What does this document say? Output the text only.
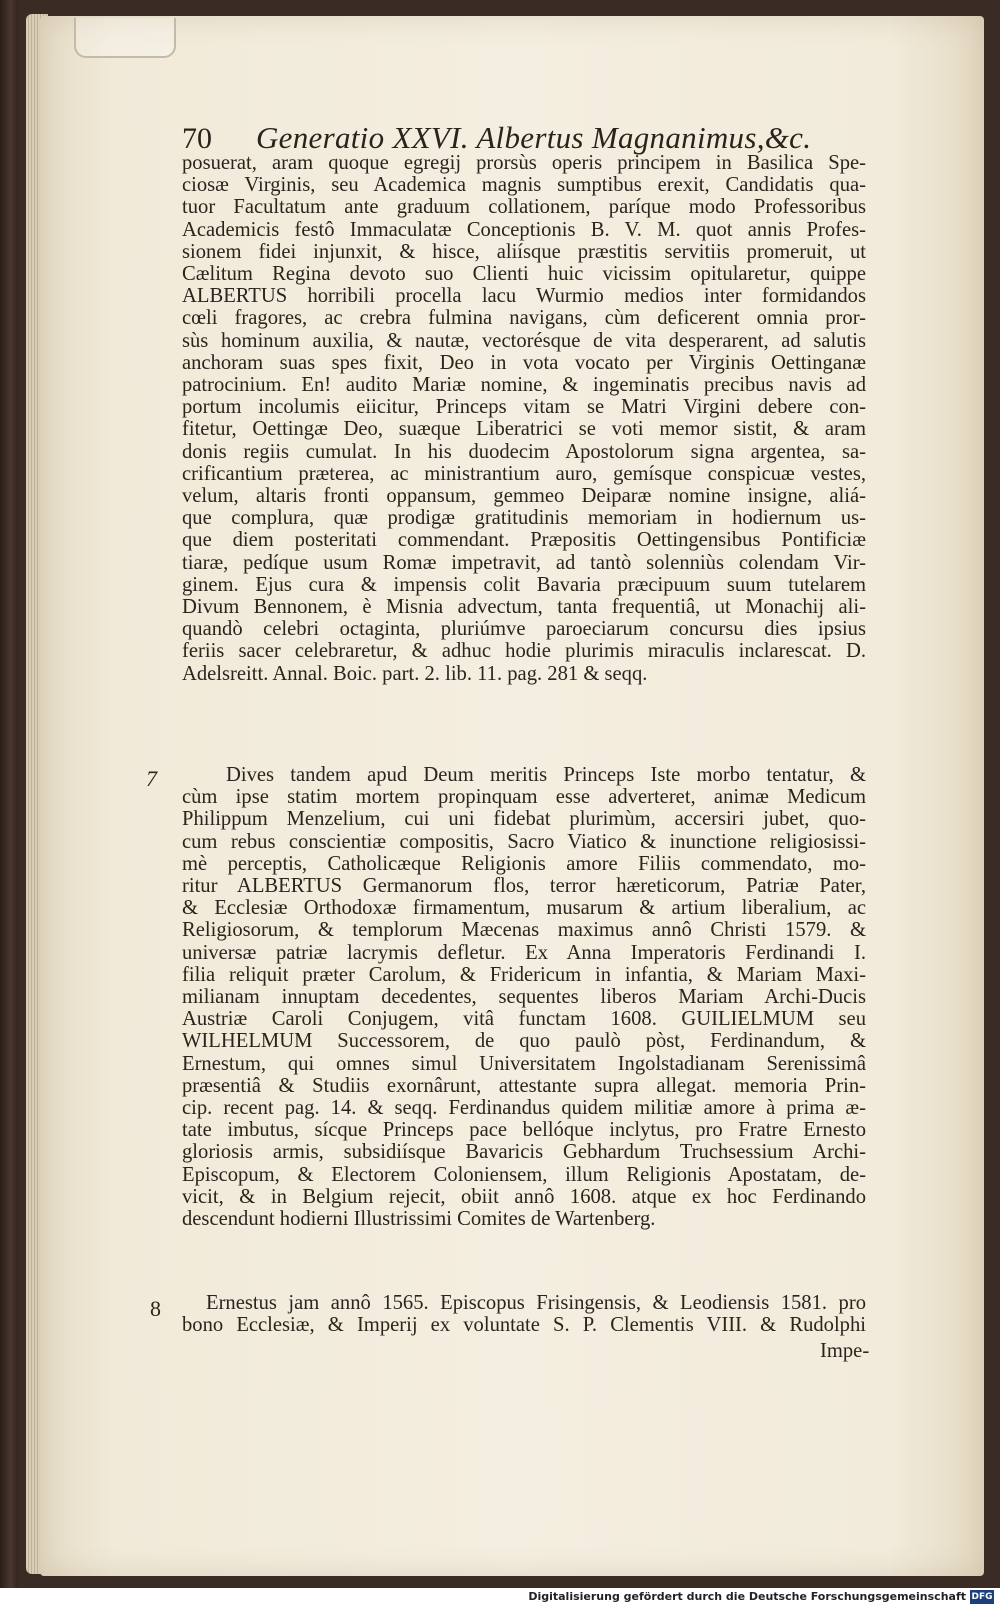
70 Generatio XXVI. Albertus Magnanimus,&c.

posuerat, aram quoque egregij prorsùs operis principem in Basilica Spe-
ciosæ Virginis, seu Academica magnis sumptibus erexit, Candidatis qua-
tuor Facultatum ante graduum collationem, paríque modo Professoribus
Academicis festô Immaculatæ Conceptionis B. V. M. quot annis Profes-
sionem fidei injunxit, & hisce, aliísque præstitis servitiis promeruit, ut
Cælitum Regina devoto suo Clienti huic vicissim opitularetur, quippe
ALBERTUS horribili procella lacu Wurmio medios inter formidandos
cœli fragores, ac crebra fulmina navigans, cùm deficerent omnia pror-
sùs hominum auxilia, & nautæ, vectorésque de vita desperarent, ad salutis
anchoram suas spes fixit, Deo in vota vocato per Virginis Oettinganæ
patrocinium. En! audito Mariæ nomine, & ingeminatis precibus navis ad
portum incolumis eiicitur, Princeps vitam se Matri Virgini debere con-
fitetur, Oettingæ Deo, suæque Liberatrici se voti memor sistit, & aram
donis regiis cumulat. In his duodecim Apostolorum signa argentea, sa-
crificantium præterea, ac ministrantium auro, gemísque conspicuæ vestes,
velum, altaris fronti oppansum, gemmeo Deiparæ nomine insigne, aliá-
que complura, quæ prodigæ gratitudinis memoriam in hodiernum us-
que diem posteritati commendant. Præpositis Oettingensibus Pontificiæ
tiaræ, pedíque usum Romæ impetravit, ad tantò solenniùs colendam Vir-
ginem. Ejus cura & impensis colit Bavaria præcipuum suum tutelarem
Divum Bennonem, è Misnia advectum, tanta frequentiâ, ut Monachij ali-
quandò celebri octaginta, pluriúmve paroeciarum concursu dies ipsius
feriis sacer celebraretur, & adhuc hodie plurimis miraculis inclarescat. D.
Adelsreitt. Annal. Boic. part. 2. lib. 11. pag. 281 & seqq.

7	Dives tandem apud Deum meritis Princeps Iste morbo tentatur, &
cùm ipse statim mortem propinquam esse adverteret, animæ Medicum
Philippum Menzelium, cui uni fidebat plurimùm, accersiri jubet, quo-
cum rebus conscientiæ compositis, Sacro Viatico & inunctione religiosissi-
mè perceptis, Catholicæque Religionis amore Filiis commendato, mo-
ritur ALBERTUS Germanorum flos, terror hæreticorum, Patriæ Pater,
& Ecclesiæ Orthodoxæ firmamentum, musarum & artium liberalium, ac
Religiosorum, & templorum Mæcenas maximus annô Christi 1579. &
universæ patriæ lacrymis defletur. Ex Anna Imperatoris Ferdinandi I.
filia reliquit præter Carolum, & Fridericum in infantia, & Mariam Maxi-
milianam innuptam decedentes, sequentes liberos Mariam Archi-Ducis
Austriæ Caroli Conjugem, vitâ functam 1608. GUILIELMUM seu
WILHELMUM Successorem, de quo paulò pòst, Ferdinandum, &
Ernestum, qui omnes simul Universitatem Ingolstadianam Serenissimâ
præsentiâ & Studiis exornârunt, attestante supra allegat. memoria Prin-
cip. recent pag. 14. & seqq. Ferdinandus quidem militiæ amore à prima æ-
tate imbutus, sícque Princeps pace bellóque inclytus, pro Fratre Ernesto
gloriosis armis, subsidiísque Bavaricis Gebhardum Truchsessium Archi-
Episcopum, & Electorem Coloniensem, illum Religionis Apostatam, de-
vicit, & in Belgium rejecit, obiit annô 1608. atque ex hoc Ferdinando
descendunt hodierni Illustrissimi Comites de Wartenberg.

8	Ernestus jam annô 1565. Episcopus Frisingensis, & Leodiensis 1581. pro
bono Ecclesiæ, & Imperij ex voluntate S. P. Clementis VIII. & Rudolphi

Impe-
Digitalisierung gefördert durch die Deutsche Forschungsgemeinschaft DFG
